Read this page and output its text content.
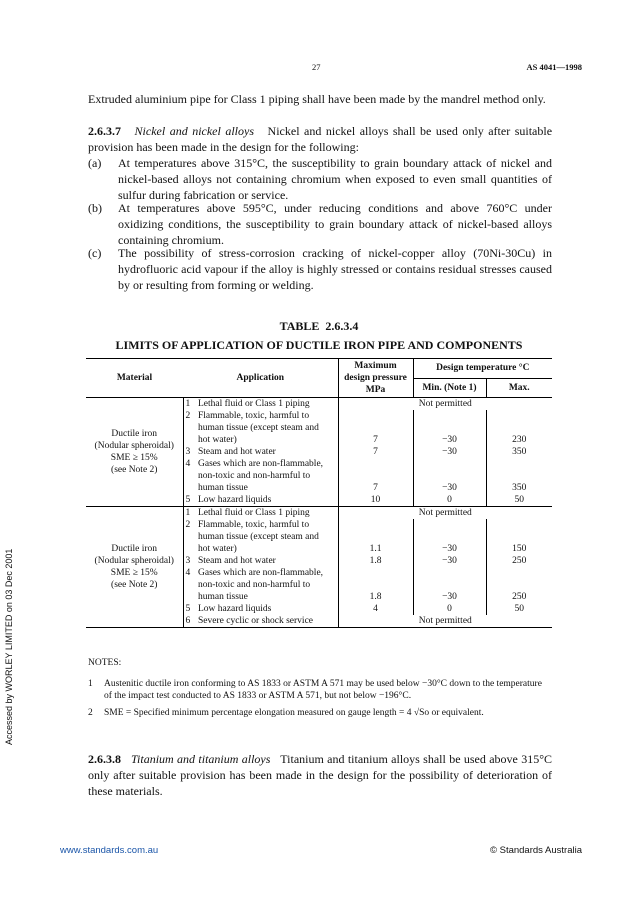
27	AS 4041—1998

Extruded aluminium pipe for Class 1 piping shall have been made by the mandrel method only.

2.6.3.7 Nickel and nickel alloys Nickel and nickel alloys shall be used only after suitable provision has been made in the design for the following:

(a) At temperatures above 315°C, the susceptibility to grain boundary attack of nickel and nickel-based alloys not containing chromium when exposed to even small quantities of sulfur during fabrication or service.
(b) At temperatures above 595°C, under reducing conditions and above 760°C under oxidizing conditions, the susceptibility to grain boundary attack of nickel-based alloys containing chromium.
(c) The possibility of stress-corrosion cracking of nickel-copper alloy (70Ni-30Cu) in hydrofluoric acid vapour if the alloy is highly stressed or contains residual stresses caused by or resulting from forming or welding.
TABLE 2.6.3.4
LIMITS OF APPLICATION OF DUCTILE IRON PIPE AND COMPONENTS
Material	Application		Maximum design pressure MPa	Design temperature °C	
				Min. (Note 1)	Max.

Ductile iron
(Nodular spheroidal)
SME ≥ 15%
(see Note 2)	1	Lethal fluid or Class 1 piping	Not permitted		
	2	Flammable, toxic, harmful to
human tissue (except steam and
hot water)	7	−30	230
	3	Steam and hot water	7	−30	350
	4	Gases which are non-flammable,
non-toxic and non-harmful to
human tissue	7	−30	350
	5	Low hazard liquids	10	0	50

Ductile iron
(Nodular spheroidal)
SME ≥ 15%
(see Note 2)	1	Lethal fluid or Class 1 piping	Not permitted		
	2	Flammable, toxic, harmful to
human tissue (except steam and
hot water)	1.1	−30	150
	3	Steam and hot water	1.8	−30	250
	4	Gases which are non-flammable,
non-toxic and non-harmful to
human tissue	1.8	−30	250
	5	Low hazard liquids	4	0	50
	6	Severe cyclic or shock service	Not permitted		
NOTES:
1 Austenitic ductile iron conforming to AS 1833 or ASTM A 571 may be used below −30°C down to the temperature of the impact test conducted to AS 1833 or ASTM A 571, but not below −196°C.
2 SME = Specified minimum percentage elongation measured on gauge length = 4 √So or equivalent.

2.6.3.8 Titanium and titanium alloys Titanium and titanium alloys shall be used above 315°C only after suitable provision has been made in the design for the possibility of deterioration of these materials.

www.standards.com.au	© Standards Australia
Accessed by WORLEY LIMITED on 03 Dec 2001
